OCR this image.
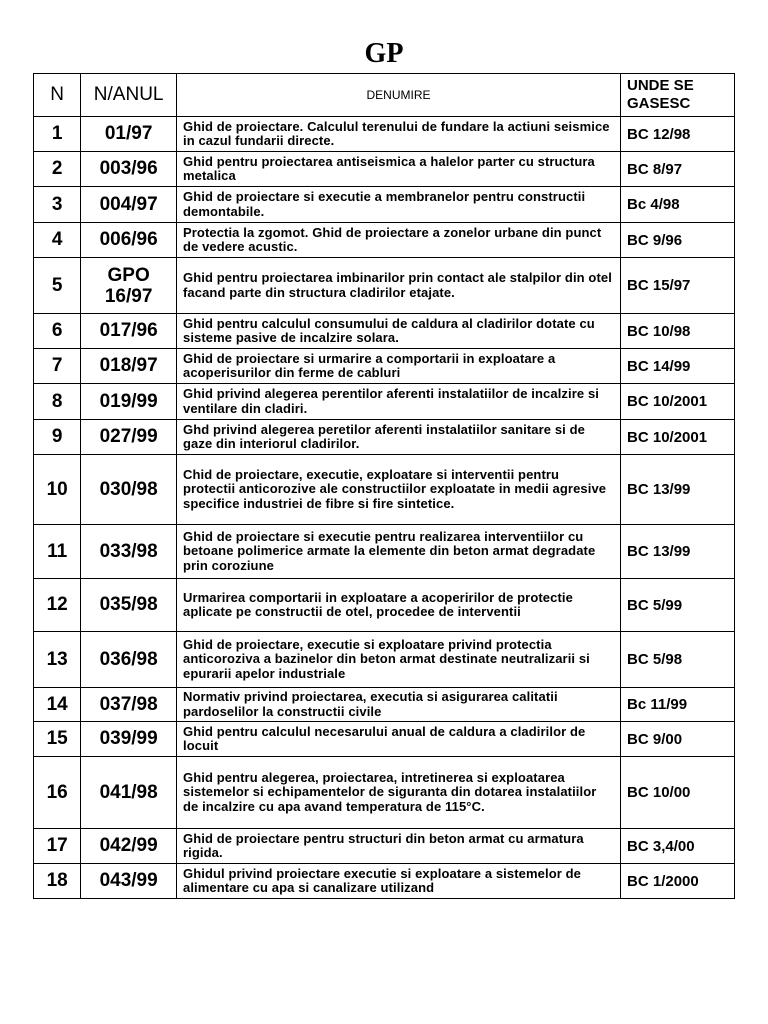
GP
N	N/ANUL	DENUMIRE	UNDE SE GASESC
1	01/97	Ghid de proiectare. Calculul terenului de fundare la actiuni seismice in cazul fundarii directe.	BC 12/98
2	003/96	Ghid pentru proiectarea antiseismica a halelor parter cu structura metalica	BC 8/97
3	004/97	Ghid de proiectare si executie a membranelor pentru constructii demontabile.	Bc 4/98
4	006/96	Protectia la zgomot. Ghid de proiectare a zonelor urbane din punct de vedere acustic.	BC 9/96
5	GPO 16/97	Ghid pentru proiectarea imbinarilor prin contact ale stalpilor din otel facand parte din structura cladirilor etajate.	BC 15/97
6	017/96	Ghid pentru calculul consumului de caldura al cladirilor dotate cu sisteme pasive de incalzire solara.	BC 10/98
7	018/97	Ghid de proiectare si urmarire a comportarii in exploatare a acoperisurilor din ferme de cabluri	BC 14/99
8	019/99	Ghid privind alegerea perentilor aferenti instalatiilor de incalzire si ventilare din cladiri.	BC 10/2001
9	027/99	Ghd privind alegerea peretilor aferenti instalatiilor sanitare si de gaze din interiorul cladirilor.	BC 10/2001
10	030/98	Chid de proiectare, executie, exploatare si interventii pentru protectii anticorozive ale constructiilor exploatate in medii agresive specifice industriei de fibre si fire sintetice.	BC 13/99
11	033/98	Ghid de proiectare si executie pentru realizarea interventiilor cu betoane polimerice armate la elemente din beton armat degradate prin coroziune	BC 13/99
12	035/98	Urmarirea comportarii in exploatare a acoperirilor de protectie aplicate pe constructii de otel, procedee de interventii	BC 5/99
13	036/98	Ghid de proiectare, executie si exploatare privind protectia anticoroziva a bazinelor din beton armat destinate neutralizarii si epurarii apelor industriale	BC 5/98
14	037/98	Normativ privind proiectarea, executia si asigurarea calitatii pardoselilor la constructii civile	Bc 11/99
15	039/99	Ghid pentru calculul necesarului anual de caldura a cladirilor de locuit	BC 9/00
16	041/98	Ghid pentru alegerea, proiectarea, intretinerea si exploatarea sistemelor si echipamentelor de siguranta din dotarea instalatiilor de incalzire cu apa avand temperatura de 115°C.	BC 10/00
17	042/99	Ghid de proiectare pentru structuri din beton armat cu armatura rigida.	BC 3,4/00
18	043/99	Ghidul privind proiectare executie si exploatare a sistemelor de alimentare cu apa si canalizare utilizand	BC 1/2000
